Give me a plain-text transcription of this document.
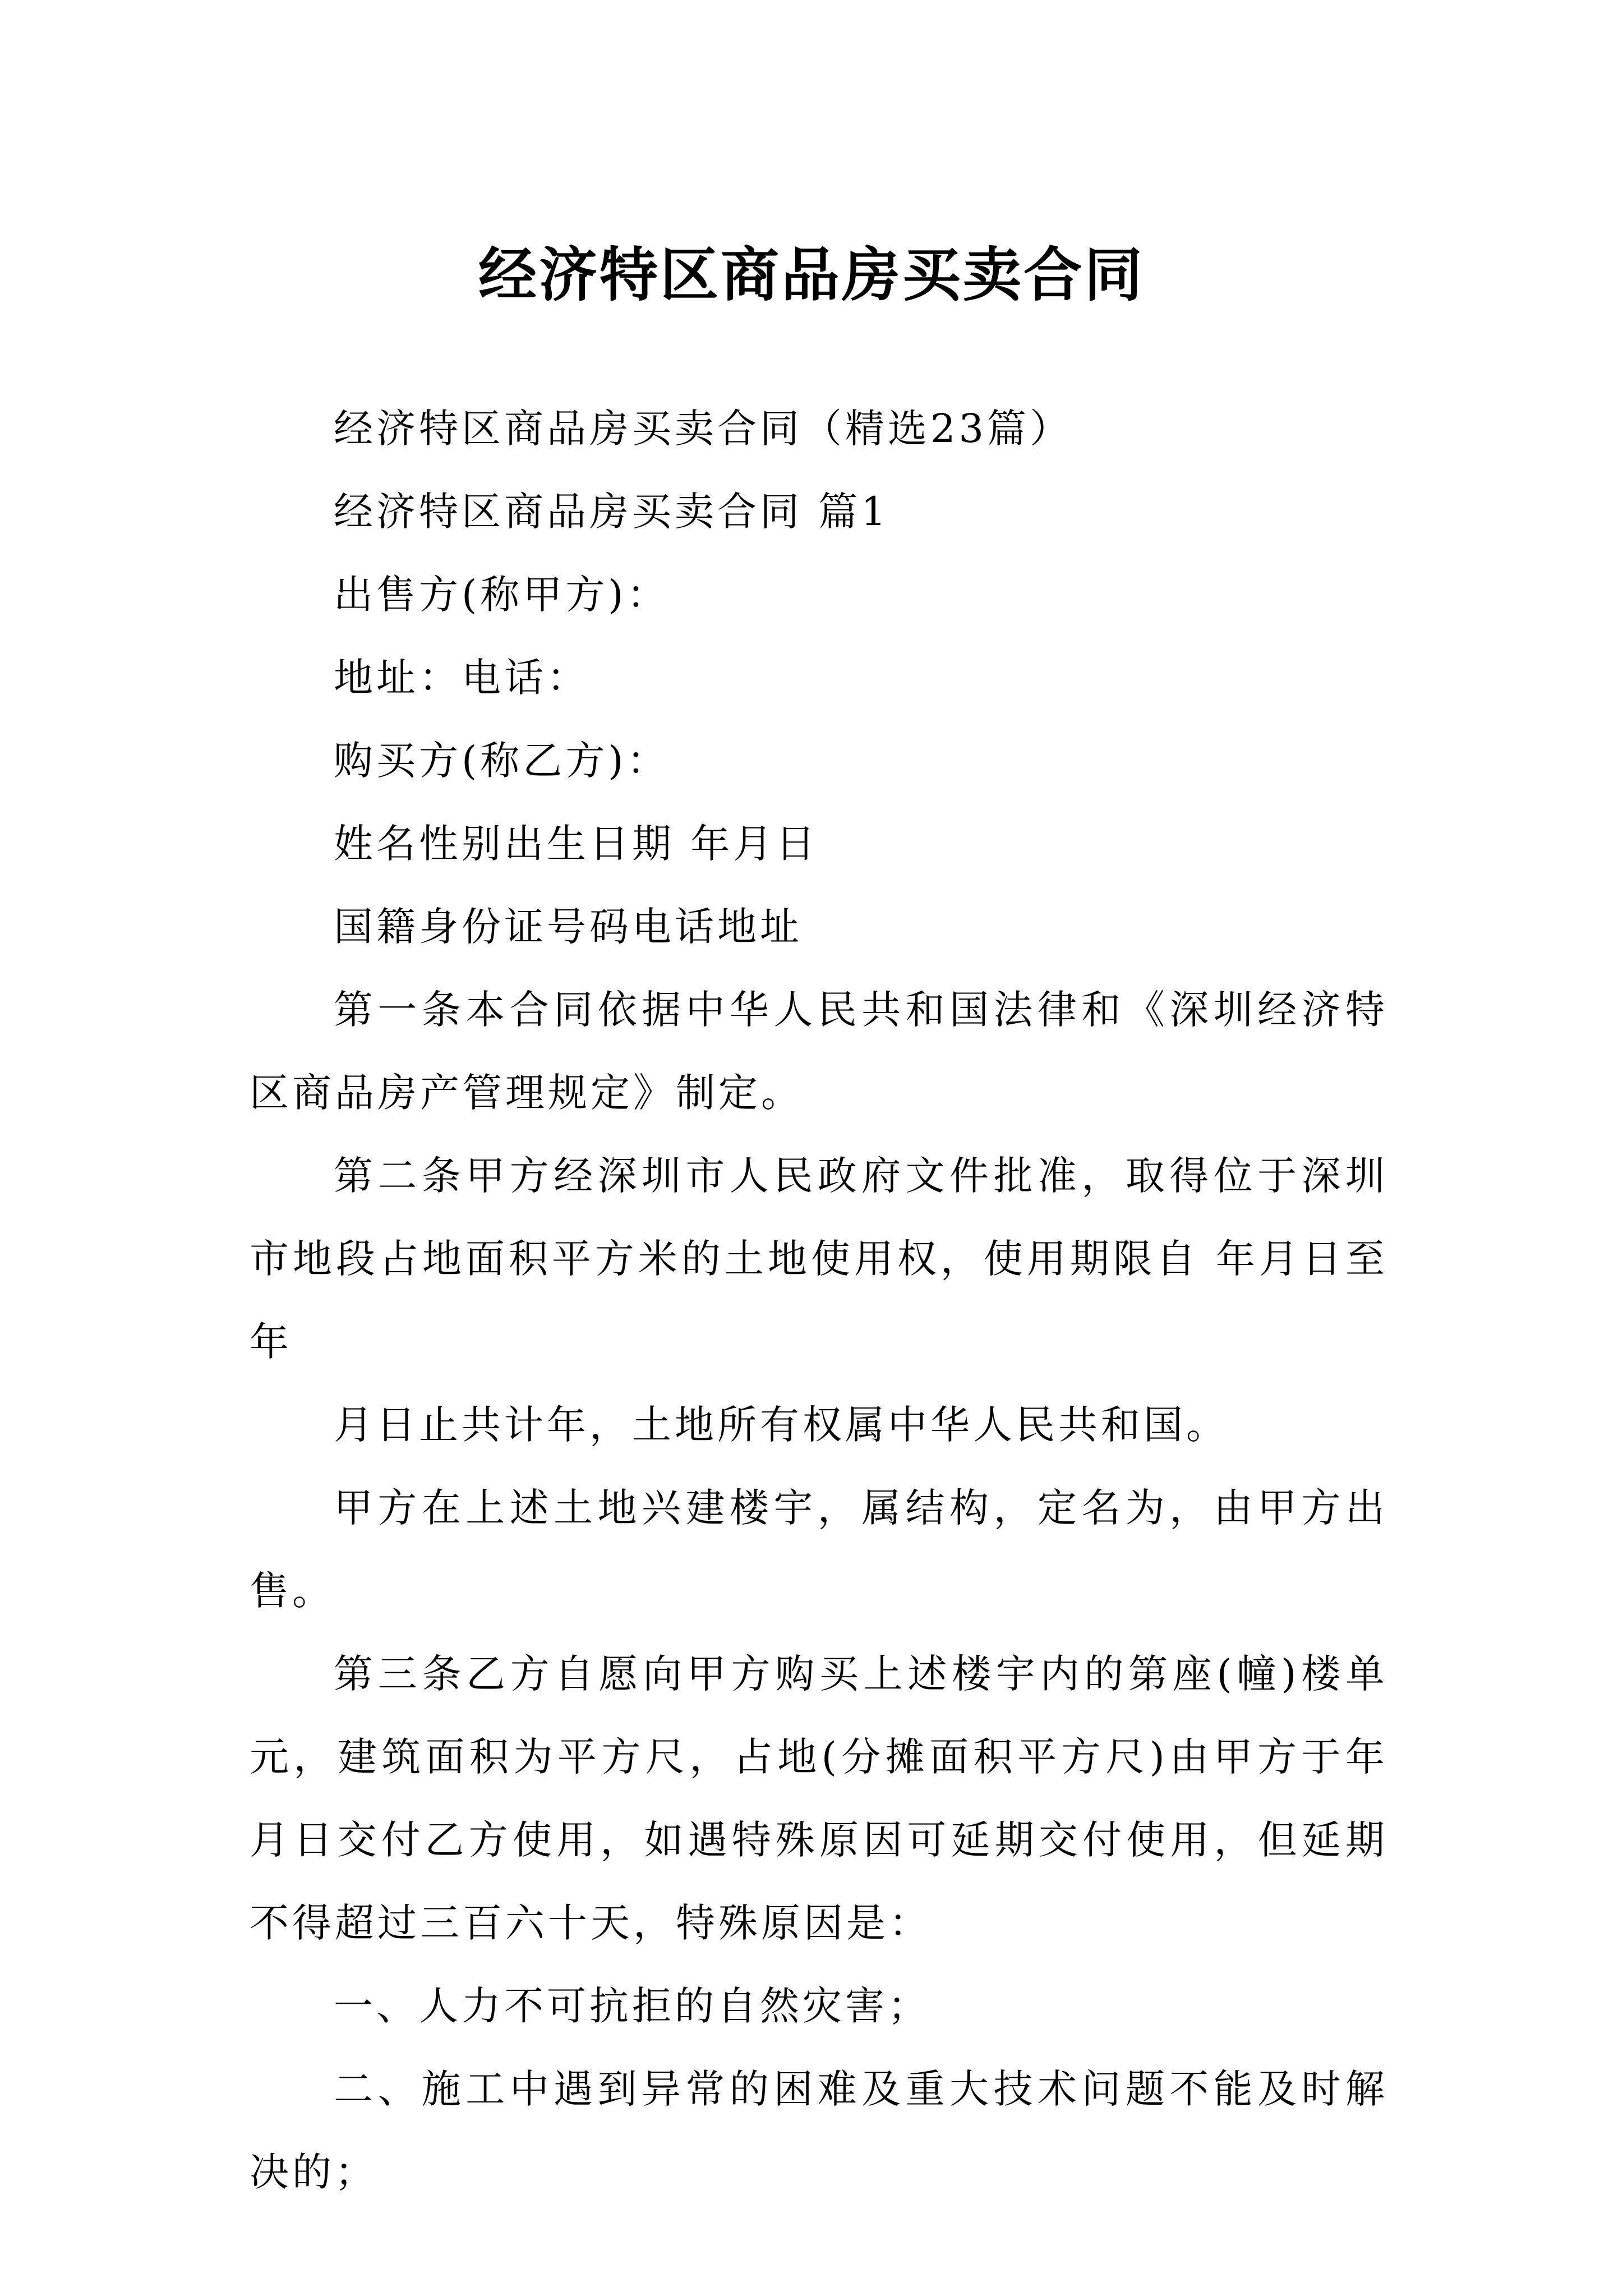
经济特区商品房买卖合同

经济特区商品房买卖合同（精选23篇）

经济特区商品房买卖合同 篇1

出售方(称甲方)：

地址：电话：

购买方(称乙方)：

姓名性别出生日期 年月日

国籍身份证号码电话地址

第一条本合同依据中华人民共和国法律和《深圳经济特区商品房产管理规定》制定。

第二条甲方经深圳市人民政府文件批准，取得位于深圳市地段占地面积平方米的土地使用权，使用期限自 年月日至年

月日止共计年，土地所有权属中华人民共和国。

甲方在上述土地兴建楼宇，属结构，定名为，由甲方出售。

第三条乙方自愿向甲方购买上述楼宇内的第座(幢)楼单元，建筑面积为平方尺，占地(分摊面积平方尺)由甲方于年月日交付乙方使用，如遇特殊原因可延期交付使用，但延期不得超过三百六十天，特殊原因是：

一、人力不可抗拒的自然灾害；

二、施工中遇到异常的困难及重大技术问题不能及时解决的；
